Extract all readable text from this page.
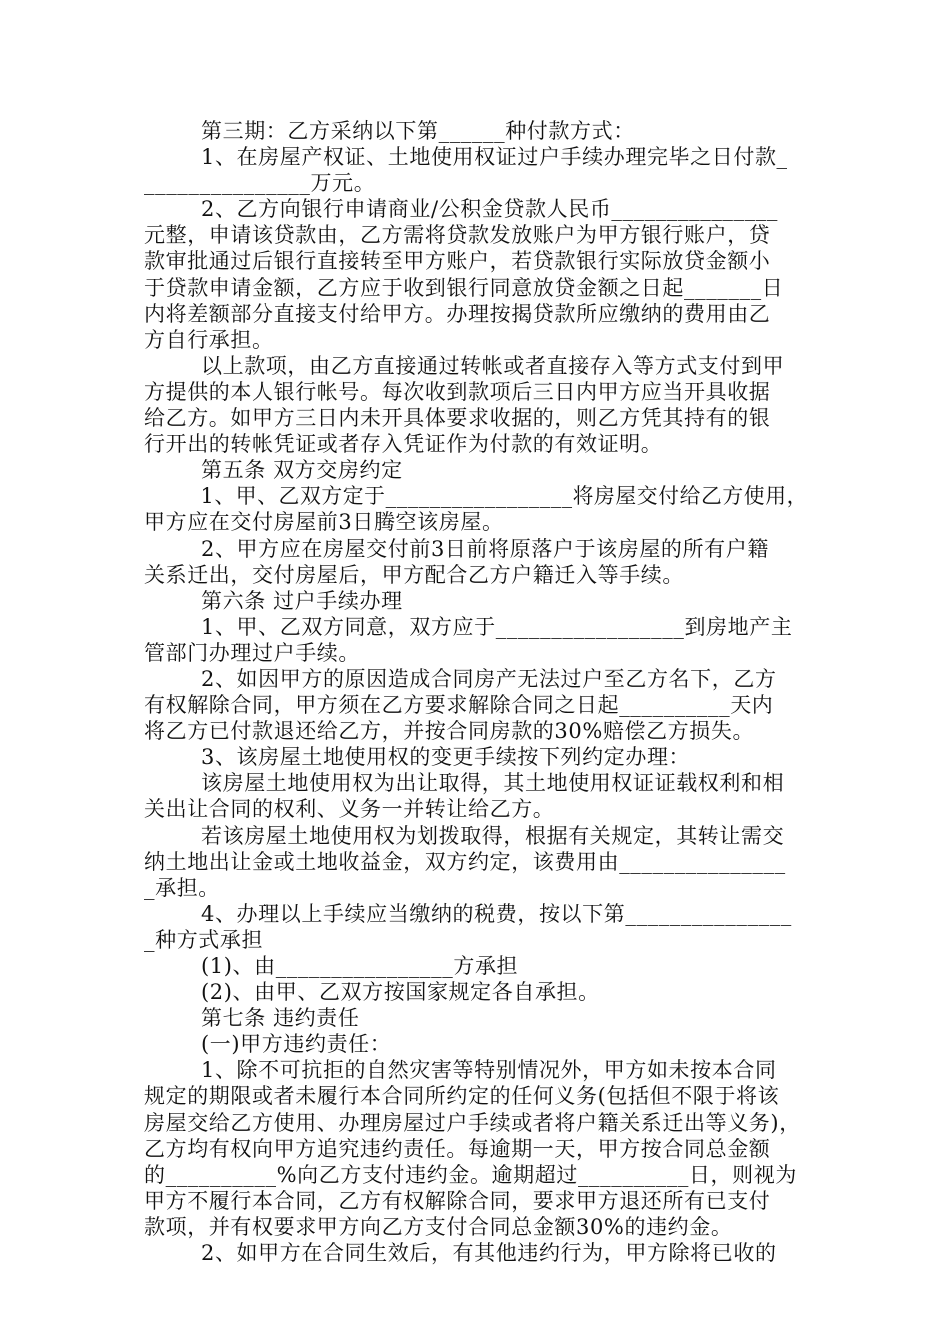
第三期：乙方采纳以下第______种付款方式：
1、在房屋产权证、土地使用权证过户手续办理完毕之日付款_
_______________万元。
2、乙方向银行申请商业/公积金贷款人民币_______________
元整，申请该贷款由，乙方需将贷款发放账户为甲方银行账户，贷
款审批通过后银行直接转至甲方账户，若贷款银行实际放贷金额小
于贷款申请金额，乙方应于收到银行同意放贷金额之日起_______日
内将差额部分直接支付给甲方。办理按揭贷款所应缴纳的费用由乙
方自行承担。
以上款项，由乙方直接通过转帐或者直接存入等方式支付到甲
方提供的本人银行帐号。每次收到款项后三日内甲方应当开具收据
给乙方。如甲方三日内未开具体要求收据的，则乙方凭其持有的银
行开出的转帐凭证或者存入凭证作为付款的有效证明。
第五条 双方交房约定
1、甲、乙双方定于_________________将房屋交付给乙方使用，
甲方应在交付房屋前3日腾空该房屋。
2、甲方应在房屋交付前3日前将原落户于该房屋的所有户籍
关系迁出，交付房屋后，甲方配合乙方户籍迁入等手续。
第六条 过户手续办理
1、甲、乙双方同意，双方应于_________________到房地产主
管部门办理过户手续。
2、如因甲方的原因造成合同房产无法过户至乙方名下，乙方
有权解除合同，甲方须在乙方要求解除合同之日起__________天内
将乙方已付款退还给乙方，并按合同房款的30%赔偿乙方损失。
3、该房屋土地使用权的变更手续按下列约定办理：
该房屋土地使用权为出让取得，其土地使用权证证载权利和相
关出让合同的权利、义务一并转让给乙方。
若该房屋土地使用权为划拨取得，根据有关规定，其转让需交
纳土地出让金或土地收益金，双方约定，该费用由_______________
_承担。
4、办理以上手续应当缴纳的税费，按以下第_______________
_种方式承担
(1)、由________________方承担
(2)、由甲、乙双方按国家规定各自承担。
第七条 违约责任
(一)甲方违约责任：
1、除不可抗拒的自然灾害等特别情况外，甲方如未按本合同
规定的期限或者未履行本合同所约定的任何义务(包括但不限于将该
房屋交给乙方使用、办理房屋过户手续或者将户籍关系迁出等义务)，
乙方均有权向甲方追究违约责任。每逾期一天，甲方按合同总金额
的__________%向乙方支付违约金。逾期超过__________日，则视为
甲方不履行本合同，乙方有权解除合同，要求甲方退还所有已支付
款项，并有权要求甲方向乙方支付合同总金额30%的违约金。
2、如甲方在合同生效后，有其他违约行为，甲方除将已收的
